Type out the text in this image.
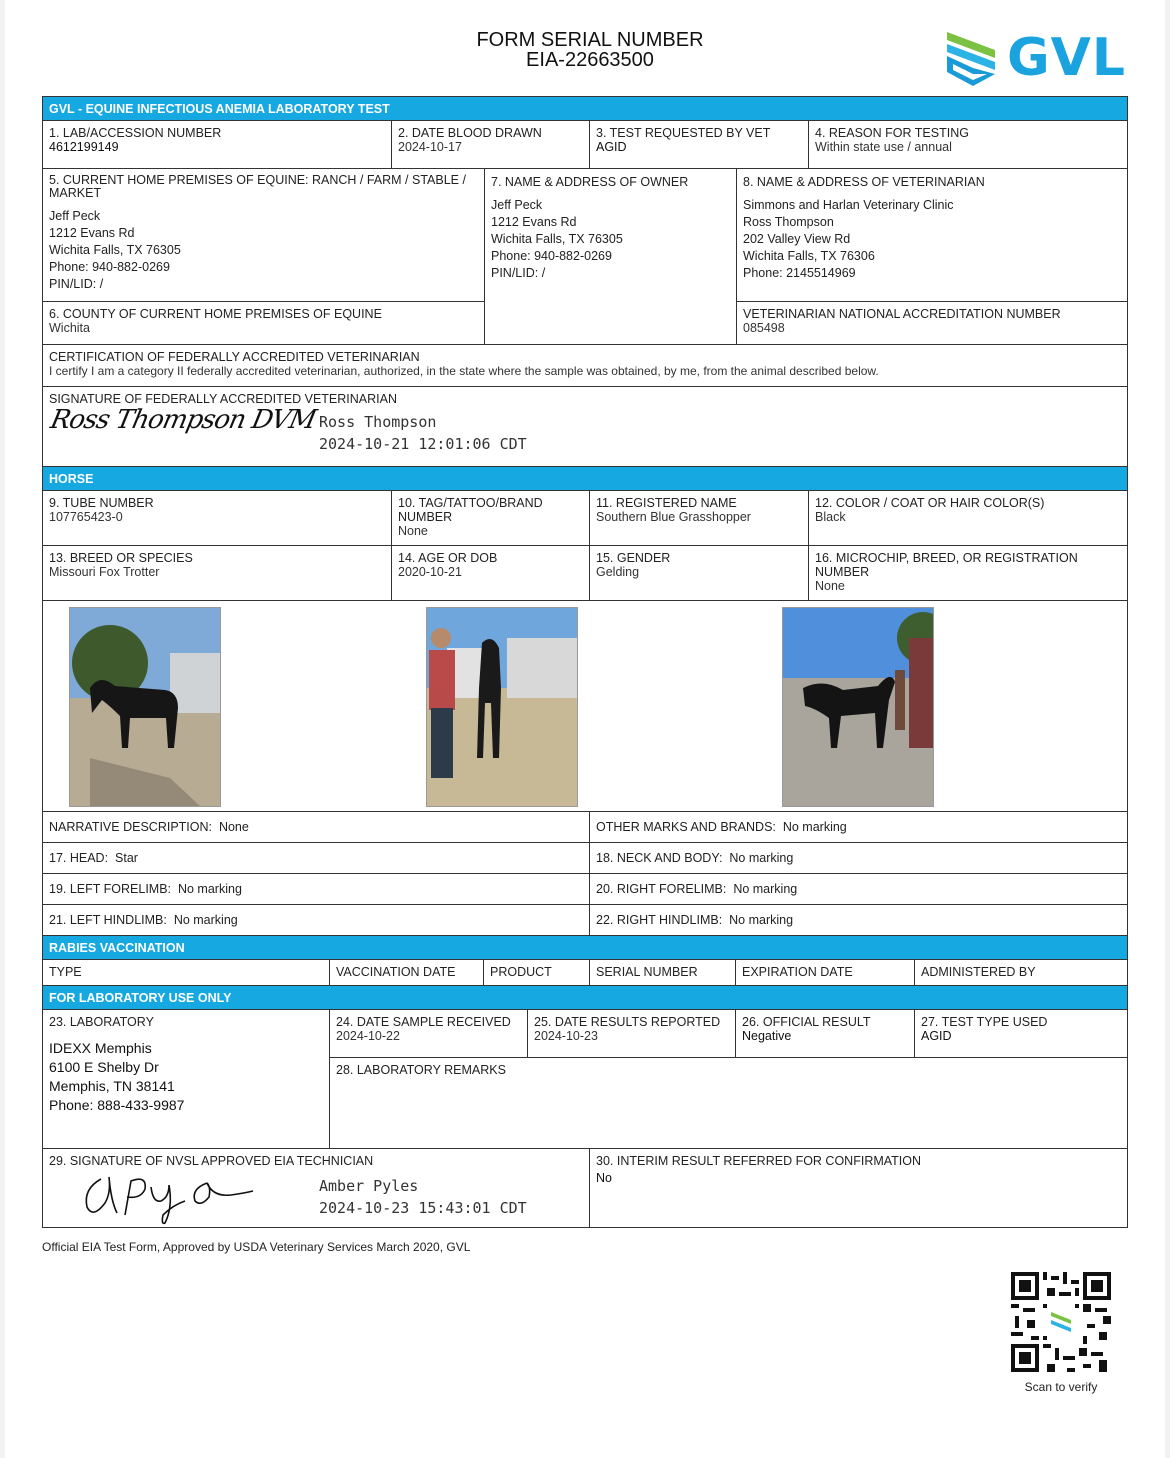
FORM SERIAL NUMBER
EIA-22663500	GVL
GVL - EQUINE INFECTIOUS ANEMIA LABORATORY TEST
1. LAB/ACCESSION NUMBER
4612199149
2. DATE BLOOD DRAWN
2024-10-17
3. TEST REQUESTED BY VET
AGID
4. REASON FOR TESTING
Within state use / annual
5. CURRENT HOME PREMISES OF EQUINE: RANCH / FARM / STABLE / MARKET
Jeff Peck
1212 Evans Rd
Wichita Falls, TX 76305
Phone: 940-882-0269
PIN/LID: /
6. COUNTY OF CURRENT HOME PREMISES OF EQUINE
Wichita
7. NAME & ADDRESS OF OWNER
Jeff Peck
1212 Evans Rd
Wichita Falls, TX 76305
Phone: 940-882-0269
PIN/LID: /
8. NAME & ADDRESS OF VETERINARIAN
Simmons and Harlan Veterinary Clinic
Ross Thompson
202 Valley View Rd
Wichita Falls, TX 76306
Phone: 2145514969
VETERINARIAN NATIONAL ACCREDITATION NUMBER
085498
CERTIFICATION OF FEDERALLY ACCREDITED VETERINARIAN
I certify I am a category II federally accredited veterinarian, authorized, in the state where the sample was obtained, by me, from the animal described below.
SIGNATURE OF FEDERALLY ACCREDITED VETERINARIAN
Ross Thompson DVM Ross Thompson
2024-10-21 12:01:06 CDT
HORSE
9. TUBE NUMBER
107765423-0
10. TAG/TATTOO/BRAND NUMBER
None
11. REGISTERED NAME
Southern Blue Grasshopper
12. COLOR / COAT OR HAIR COLOR(S)
Black
13. BREED OR SPECIES
Missouri Fox Trotter
14. AGE OR DOB
2020-10-21
15. GENDER
Gelding
16. MICROCHIP, BREED, OR REGISTRATION NUMBER
None
NARRATIVE DESCRIPTION: None	OTHER MARKS AND BRANDS: No marking
17. HEAD: Star	18. NECK AND BODY: No marking
19. LEFT FORELIMB: No marking	20. RIGHT FORELIMB: No marking
21. LEFT HINDLIMB: No marking	22. RIGHT HINDLIMB: No marking
RABIES VACCINATION
TYPE	VACCINATION DATE	PRODUCT	SERIAL NUMBER	EXPIRATION DATE	ADMINISTERED BY
FOR LABORATORY USE ONLY
23. LABORATORY
IDEXX Memphis
6100 E Shelby Dr
Memphis, TN 38141
Phone: 888-433-9987
24. DATE SAMPLE RECEIVED
2024-10-22
25. DATE RESULTS REPORTED
2024-10-23
26. OFFICIAL RESULT
Negative
27. TEST TYPE USED
AGID
28. LABORATORY REMARKS
29. SIGNATURE OF NVSL APPROVED EIA TECHNICIAN
Amber Pyles
2024-10-23 15:43:01 CDT
30. INTERIM RESULT REFERRED FOR CONFIRMATION
No
Official EIA Test Form, Approved by USDA Veterinary Services March 2020, GVL
Scan to verify
